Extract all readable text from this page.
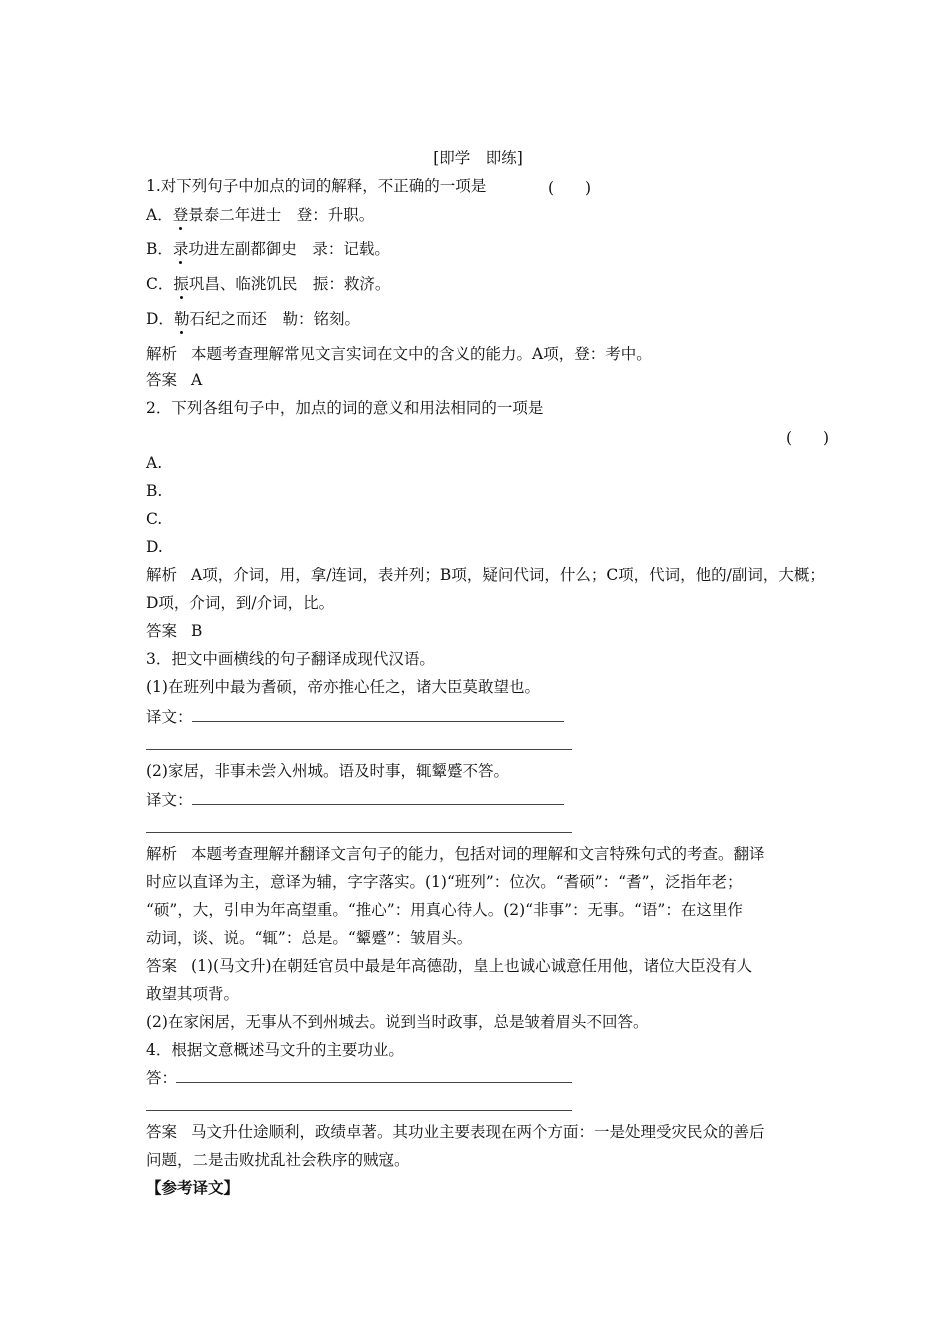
[即学　即练]
1.对下列句子中加点的词的解释，不正确的一项是	(　　)
A．登景泰二年进士　登：升职。
B．录功进左副都御史　录：记载。
C．振巩昌、临洮饥民　振：救济。
D．勒石纪之而还　勒：铭刻。
解析 本题考查理解常见文言实词在文中的含义的能力。A项，登：考中。
答案 A
2．下列各组句子中，加点的词的意义和用法相同的一项是
(　　)
A.
B.
C.
D.
解析 A项，介词，用，拿/连词，表并列；B项，疑问代词，什么；C项，代词，他的/副词，大概；
D项，介词，到/介词，比。
答案 B
3．把文中画横线的句子翻译成现代汉语。
(1)在班列中最为耆硕，帝亦推心任之，诸大臣莫敢望也。
译文：
(2)家居，非事未尝入州城。语及时事，辄颦蹙不答。
译文：
解析 本题考查理解并翻译文言句子的能力，包括对词的理解和文言特殊句式的考查。翻译
时应以直译为主，意译为辅，字字落实。(1)“班列”：位次。“耆硕”：“耆”，泛指年老；
“硕”，大，引申为年高望重。“推心”：用真心待人。(2)“非事”：无事。“语”：在这里作
动词，谈、说。“辄”：总是。“颦蹙”：皱眉头。
答案 (1)(马文升)在朝廷官员中最是年高德劭，皇上也诚心诚意任用他，诸位大臣没有人
敢望其项背。
(2)在家闲居，无事从不到州城去。说到当时政事，总是皱着眉头不回答。
4．根据文意概述马文升的主要功业。
答：
答案 马文升仕途顺利，政绩卓著。其功业主要表现在两个方面：一是处理受灾民众的善后
问题，二是击败扰乱社会秩序的贼寇。
【参考译文】
